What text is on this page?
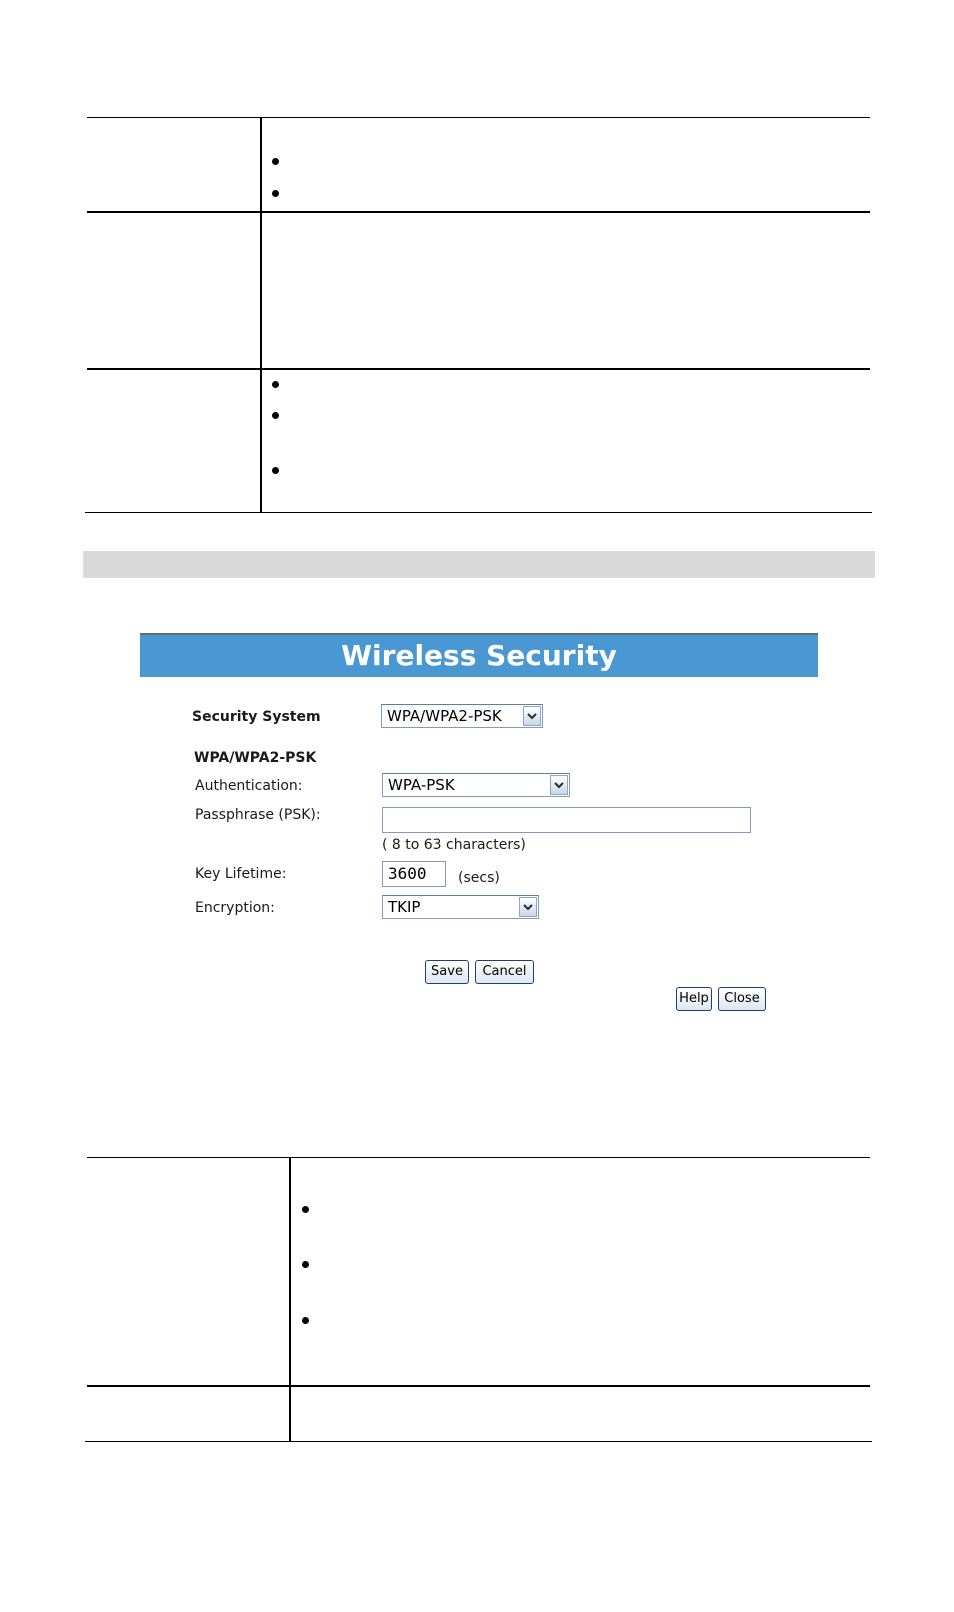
Wireless Security
Security System	WPA/WPA2-PSK
WPA/WPA2-PSK
Authentication:	WPA-PSK
Passphrase (PSK):
( 8 to 63 characters)
Key Lifetime:	3600	(secs)
Encryption:	TKIP
Save	Cancel
Help	Close
